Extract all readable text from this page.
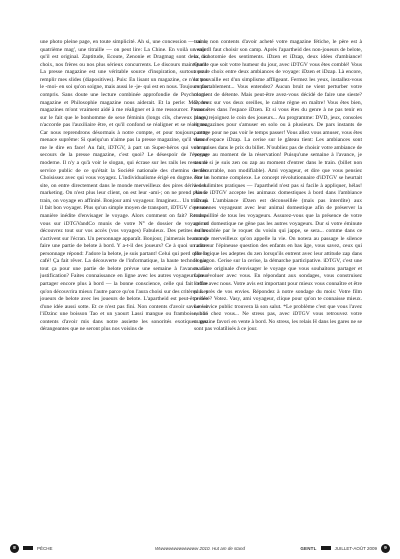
une photo pleine page, en toute simplicité. Ah si, une concession — sur le quatrième mag', une titraille — on peut lire: La Chine. En voilà un sujet qu'il est original. Zaptitude, Ecoute, Zenonie et Dragmag sont deux, au choix, nos frères ou nos plus sérieux concurrents. Le discours maintenant: La presse magazine est une véritable source d'inspiration, surtout pour remplir mes slides (diapositives). Puis: En lisant un magazine, ce n'est pas le -moi- en soi qu'on soigne, mais aussi le -je- qui est en nous. Toujours pas compris. Sans doute une lecture combinée approfondie de Psychologie magazine et Philosophie magazine nous aiderait. Et la perle: Moi, les magazines m'ont vraiment aidé à me réaligner et à me ressourcer. Passons sur le fait que le bonhomme de sexe féminin (longs cils, cheveux longs) n'accorde pas l'auxiliaire être, et qu'il confond se réaligner et se réaligner. Car nous reprendrons désormais à notre compte, et pour toujours, cette menace suprême: Si quelqu'un n'aime pas la presse magazine, qu'il vienne me le dire en face! Au fait, iDTGV, à part un Super-héros qui vole au secours de la presse magazine, c'est quoi? Le désespoir de l'époque moderne. Il n'y a qu'à voir le slogan, qui écrase sur les rails les restes de service public de ce qu'était la Société nationale des chemins de fer: Choisissez avec qui vous voyagez. L'individualisme érigé en dogme. Sur le site, on entre directement dans le monde merveilleux des pires dérives du marketing. On n'est plus leur client, on est leur -ami-; on ne prend plus le train, on voyage en affinité. Bonjour ami voyageur. Imaginez... Un train où il fait bon voyager. Plus qu'un simple moyen de transport, iDTGV c'est une manière inédite d'envisager le voyage. Alors comment on fait? Rendez-vous sur iDTGVandCo munis de votre N° de dossier de voyage et découvrez tout sur vos accès (vos voyages) Fabuleux. Des petites bulles s'activent sur l'écran. Un personnage apparaît. Bonjour, j'aimerais beaucoup faire une partie de belote à bord. Y a-t-il des joueurs? Ce à quoi un autre personnage répond: J'adore la belote, je suis partant! Celui qui perd offre le café! Ça fait rêver. La découverte de l'informatique, la haute technologie: tout ça pour une partie de belote prévue une semaine à l'avance. La justification? Faites connaissance en ligne avec les autres voyageurs pour partager encore plus à bord — la bonne conscience, celle qui fait croire qu'on découvrira mieux l'autre parce qu'on l'aura choisi sur des critères. Les joueurs de belote avec les joueurs de belote. L'apartheid est peut-être née d'une idée aussi sotte. Et ce n'est pas fini. Non contents d'avoir savouré à l'iDzinc une boisson Tao et un yaourt Lassi mangue ou framboise, non contents d'avoir mis dans notre assiette les sonorités exotiques peu dérangeantes que ne seront plus nos voisins de

trains, non contents d'avoir acheté votre magazine fétiche, le père est à venir. Il faut choisir son camp. Après l'apartheid des non-joueurs de belote, la dichotomie des sentiments. iDzen et iDzap, deux idées d'ambiance! Quelle que soit votre humeur du jour, avec iDTGV vous êtes comblé! Vous avez le choix entre deux ambiances de voyage: iDzen et iDzap. Là encore, la trouvaille est d'un simplisme affligeant. Fermez les yeux, installez-vous confortablement... Vous entendez? Aucun bruit ne vient perturber votre moment de détente. Mais peut-être avez-vous décidé de faire une sieste? Dormez sur vos deux oreilles, le calme règne en maître! Vous êtes bien, vous êtes dans l'espace iDzen. Et si vous êtes du genre à ne pas tenir en place, rejoignez le coin des joueurs... Au programme: DVD, jeux, consoles et magazines pour s'amuser en solo ou à plusieurs. De pars instants de partage pour ne pas voir le temps passer! Vous allez vous amuser, vous êtes dans l'espace iDzap. La cerise sur le gâteau tient: Les ambiances sont comprises dans le prix du billet. N'oubliez pas de choisir votre ambiance de voyage au moment de la réservation! Puisqu'une semaine à l'avance, je saurai si je suis zen ou zap au moment d'entrer dans le train. (billet non rembourrable, non modifiable). Ami voyageur, et dire que vous pensiez être un homme complexe. Le concept révolutionnaire d'iDTGV se heurtait à des limites pratiques — l'apartheid n'est pas si facile à appliquer, hélas! Ainsi: iDTGV accepte les animaux domestiques à bord dans l'ambiance iDzap. L'ambiance iDzen est déconseillée (mais pas interdite) aux personnes voyageant avec leur animal domestique afin de préserver la tranquillité de tous les voyageurs. Assurez-vous que la présence de votre animal domestique ne gêne pas les autres voyageurs. Dur si votre éminute est troublée par le roquet du voisin qui jappe, se sera... comme dans ce monde merveilleux qu'on appelle la vie. On notera au passage le silence radio sur l'épineuse question des enfants en bas âge, vous savez, ceux qui par logique les adeptes du zen lorsqu'ils entrent avec leur attitude zap dans le wagon. Cerise sur la cerise, la démarche participative. iDTGV, c'est une manière originale d'envisager le voyage que vous souhaitons partager et faire évoluer avec vous. En répondant aux sondages, vous construisez l'offre avec nous. Votre avis est important pour mieux vous connaître et être plus près de vos envies. Répondez à notre sondage du mois: Votre film préféré? Votez. Vasy, ami voyageur, clique pour qu'on te connaisse mieux. Le service public trouvera là son salut. *Le problème c'est que vous l'avez oublié chez vous... Ne stress pas, avec iDTGV vous retrouvez votre magazine favori en vente à bord. No stress, les relais H dans les gares ne se sont pas volatilisés à ce jour.

8	PÊCHE	Wwwwwwwwwwwww 2010. Hut am de stand	GENTL	JUILLET-AOÛT 2009	9
